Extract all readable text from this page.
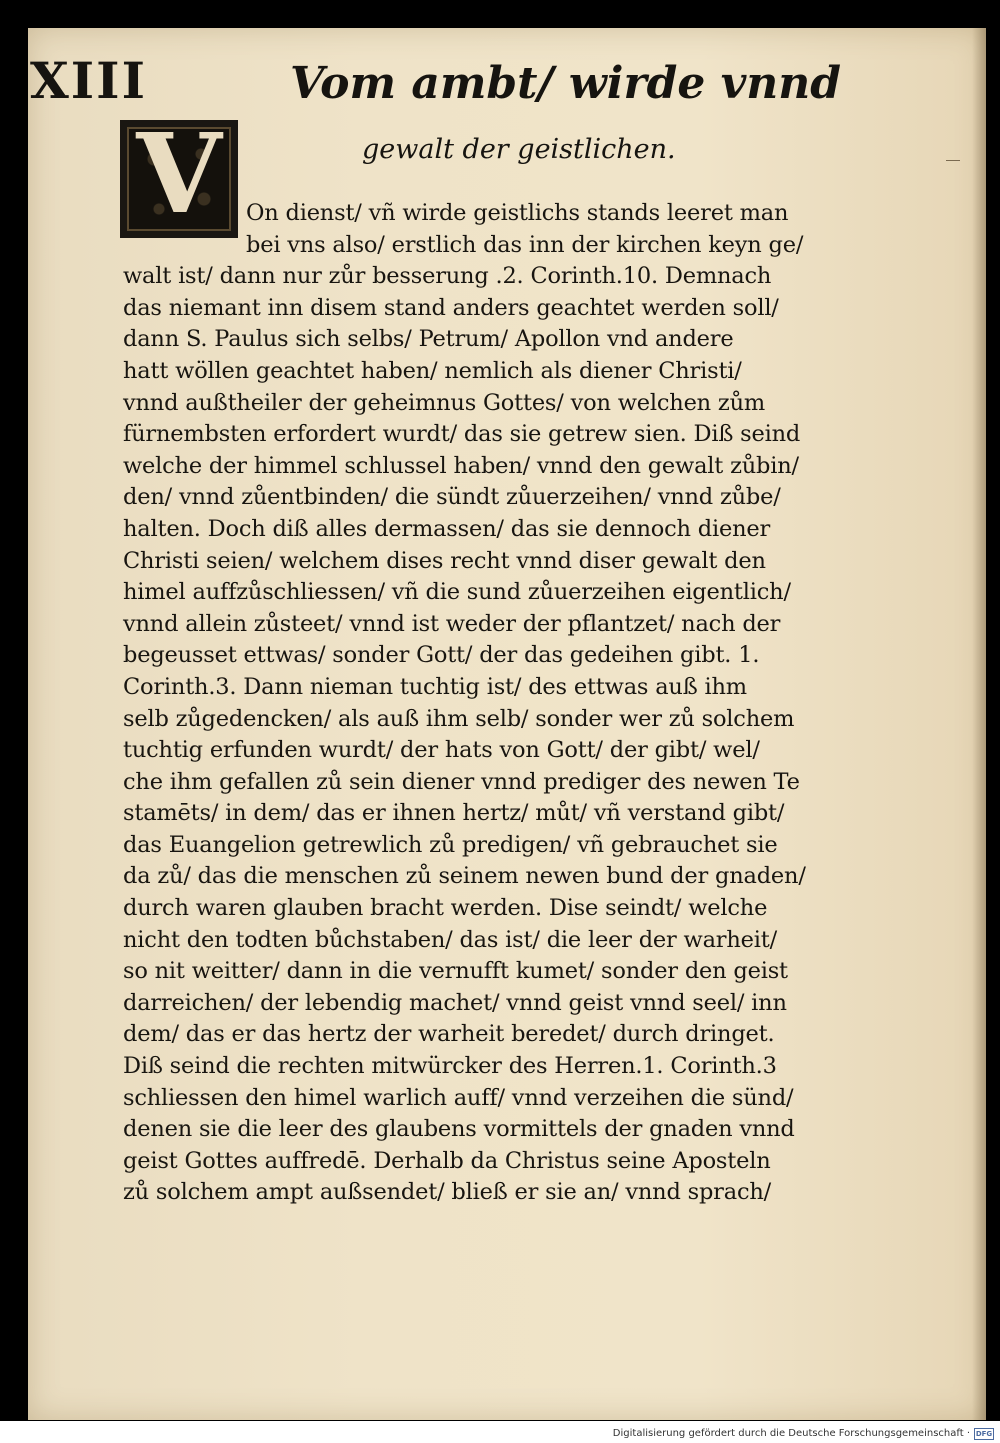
XIII	Vom ambt/ wirde vnnd
gewalt der geistlichen.
V	On dienst/ vñ wirde geistlichs stands leeret man
bei vns also/ erstlich das inn der kirchen keyn ge/
walt ist/ dann nur zůr besserung .2. Corinth.10. Demnach
das niemant inn disem stand anders geachtet werden soll/
dann S. Paulus sich selbs/ Petrum/ Apollon vnd andere
hatt wöllen geachtet haben/ nemlich als diener Christi/
vnnd außtheiler der geheimnus Gottes/ von welchen zům
fürnembsten erfordert wurdt/ das sie getrew sien. Diß seind
welche der himmel schlussel haben/ vnnd den gewalt zůbin/
den/ vnnd zůentbinden/ die sündt zůuerzeihen/ vnnd zůbe/
halten. Doch diß alles dermassen/ das sie dennoch diener
Christi seien/ welchem dises recht vnnd diser gewalt den
himel auffzůschliessen/ vñ die sund zůuerzeihen eigentlich/
vnnd allein zůsteet/ vnnd ist weder der pflantzet/ nach der
begeusset ettwas/ sonder Gott/ der das gedeihen gibt. 1.
Corinth.3. Dann nieman tuchtig ist/ des ettwas auß ihm
selb zůgedencken/ als auß ihm selb/ sonder wer zů solchem
tuchtig erfunden wurdt/ der hats von Gott/ der gibt/ wel/
che ihm gefallen zů sein diener vnnd prediger des newen Te
stamēts/ in dem/ das er ihnen hertz/ můt/ vñ verstand gibt/
das Euangelion getrewlich zů predigen/ vñ gebrauchet sie
da zů/ das die menschen zů seinem newen bund der gnaden/
durch waren glauben bracht werden. Dise seindt/ welche
nicht den todten bůchstaben/ das ist/ die leer der warheit/
so nit weitter/ dann in die vernufft kumet/ sonder den geist
darreichen/ der lebendig machet/ vnnd geist vnnd seel/ inn
dem/ das er das hertz der warheit beredet/ durch dringet.
Diß seind die rechten mitwürcker des Herren.1. Corinth.3
schliessen den himel warlich auff/ vnnd verzeihen die sünd/
denen sie die leer des glaubens vormittels der gnaden vnnd
geist Gottes auffredē. Derhalb da Christus seine Aposteln
zů solchem ampt außsendet/ bließ er sie an/ vnnd sprach/
Digitalisierung gefördert durch die Deutsche Forschungsgemeinschaft · DFG
